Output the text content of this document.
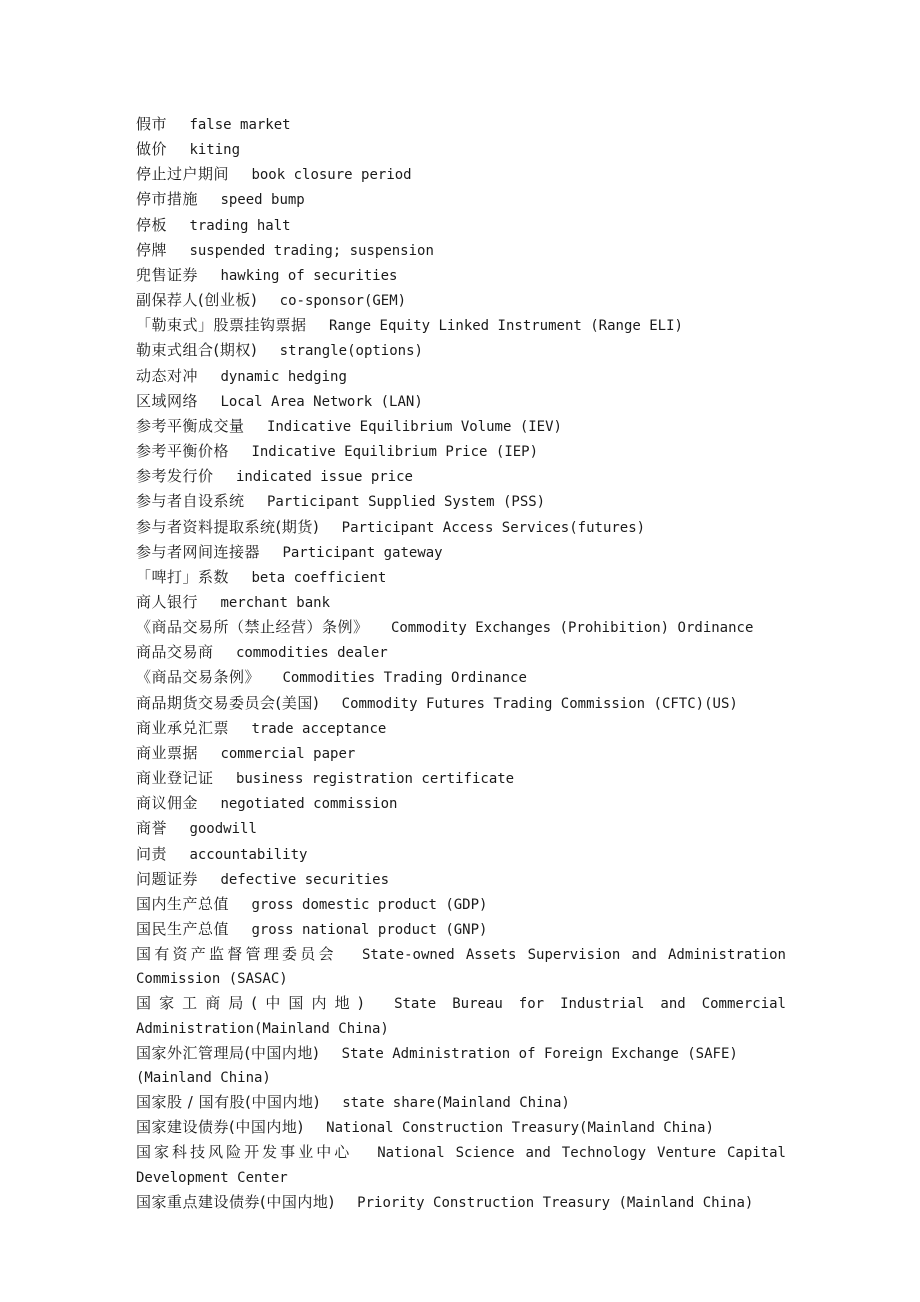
假市 false market

做价 kiting

停止过户期间 book closure period

停市措施 speed bump

停板 trading halt

停牌 suspended trading; suspension

兜售证券 hawking of securities

副保荐人(创业板) co-sponsor(GEM)

「勒束式」股票挂钩票据 Range Equity Linked Instrument (Range ELI)

勒束式组合(期权) strangle(options)

动态对冲 dynamic hedging

区域网络 Local Area Network (LAN)

参考平衡成交量 Indicative Equilibrium Volume (IEV)

参考平衡价格 Indicative Equilibrium Price (IEP)

参考发行价 indicated issue price

参与者自设系统 Participant Supplied System (PSS)

参与者资料提取系统(期货) Participant Access Services(futures)

参与者网间连接器 Participant gateway

「啤打」系数 beta coefficient

商人银行 merchant bank

《商品交易所（禁止经营）条例》 Commodity Exchanges (Prohibition) Ordinance

商品交易商 commodities dealer

《商品交易条例》 Commodities Trading Ordinance

商品期货交易委员会(美国) Commodity Futures Trading Commission (CFTC)(US)

商业承兑汇票 trade acceptance

商业票据 commercial paper

商业登记证 business registration certificate

商议佣金 negotiated commission

商誉 goodwill

问责 accountability

问题证券 defective securities

国内生产总值 gross domestic product (GDP)

国民生产总值 gross national product (GNP)

国有资产监督管理委员会 State-owned Assets Supervision and Administration Commission (SASAC)

国家工商局(中国内地) State Bureau for Industrial and Commercial Administration(Mainland China)

国家外汇管理局(中国内地) State Administration of Foreign Exchange (SAFE)(Mainland China)

国家股 / 国有股(中国内地) state share(Mainland China)

国家建设债券(中国内地) National Construction Treasury(Mainland China)

国家科技风险开发事业中心 National Science and Technology Venture Capital Development Center

国家重点建设债券(中国内地) Priority Construction Treasury (Mainland China)
